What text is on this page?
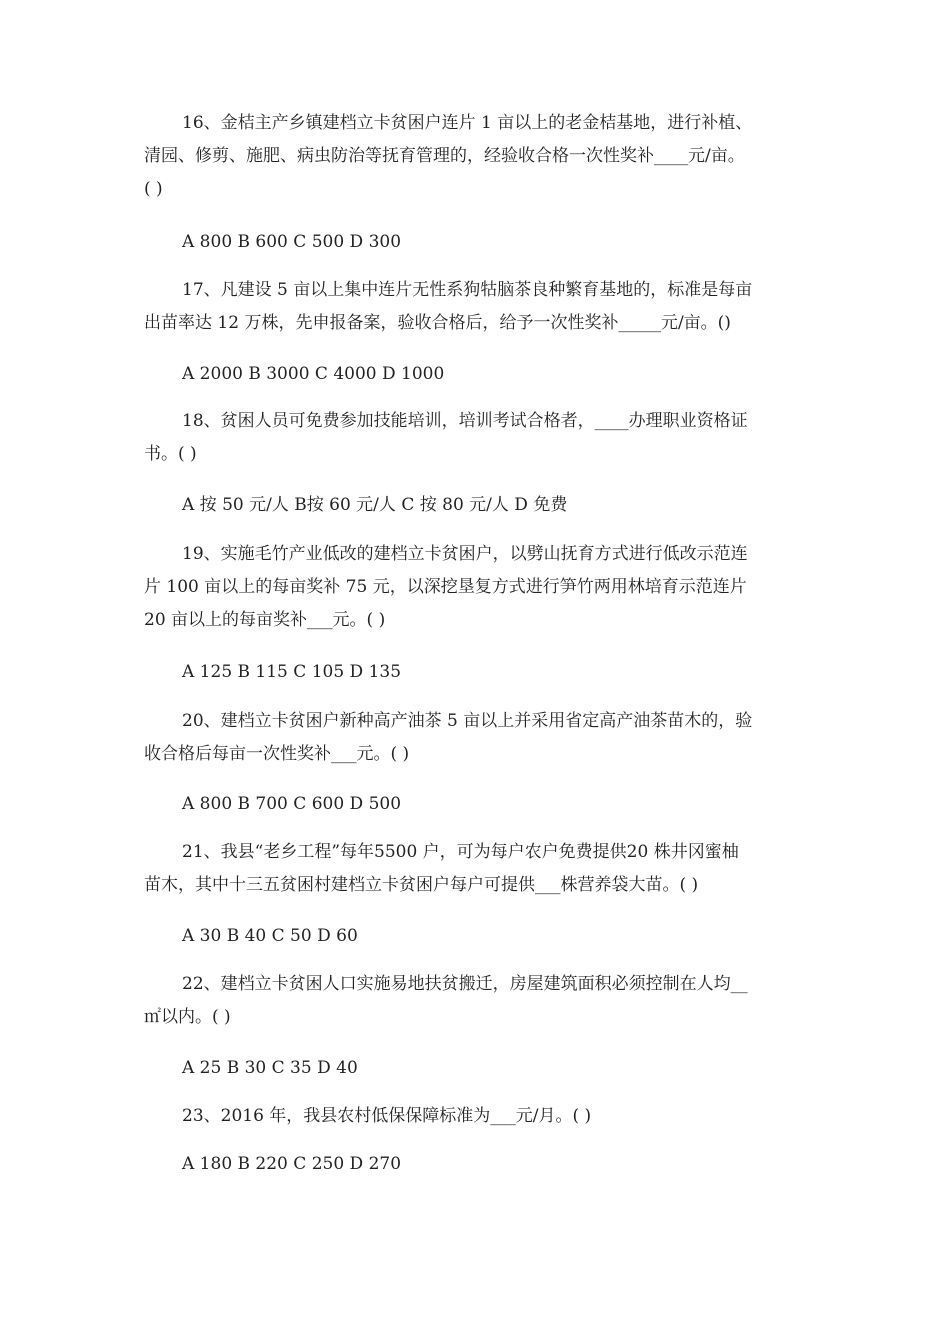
16、金桔主产乡镇建档立卡贫困户连片 1 亩以上的老金桔基地，进行补植、
清园、修剪、施肥、病虫防治等抚育管理的，经验收合格一次性奖补____元/亩。
( )

A 800 B 600 C 500 D 300

17、凡建设 5 亩以上集中连片无性系狗牯脑茶良种繁育基地的，标准是每亩
出苗率达 12 万株，先申报备案，验收合格后，给予一次性奖补_____元/亩。()

A 2000 B 3000 C 4000 D 1000

18、贫困人员可免费参加技能培训，培训考试合格者，____办理职业资格证
书。( )

A 按 50 元/人 B按 60 元/人 C 按 80 元/人 D 免费

19、实施毛竹产业低改的建档立卡贫困户，以劈山抚育方式进行低改示范连
片 100 亩以上的每亩奖补 75 元，以深挖垦复方式进行笋竹两用林培育示范连片
20 亩以上的每亩奖补___元。( )

A 125 B 115 C 105 D 135

20、建档立卡贫困户新种高产油茶 5 亩以上并采用省定高产油茶苗木的，验
收合格后每亩一次性奖补___元。( )

A 800 B 700 C 600 D 500

21、我县“老乡工程”每年5500 户，可为每户农户免费提供20 株井冈蜜柚
苗木，其中十三五贫困村建档立卡贫困户每户可提供___株营养袋大苗。( )

A 30 B 40 C 50 D 60

22、建档立卡贫困人口实施易地扶贫搬迁，房屋建筑面积必须控制在人均__
㎡以内。( )

A 25 B 30 C 35 D 40

23、2016 年，我县农村低保保障标准为___元/月。( )

A 180 B 220 C 250 D 270
